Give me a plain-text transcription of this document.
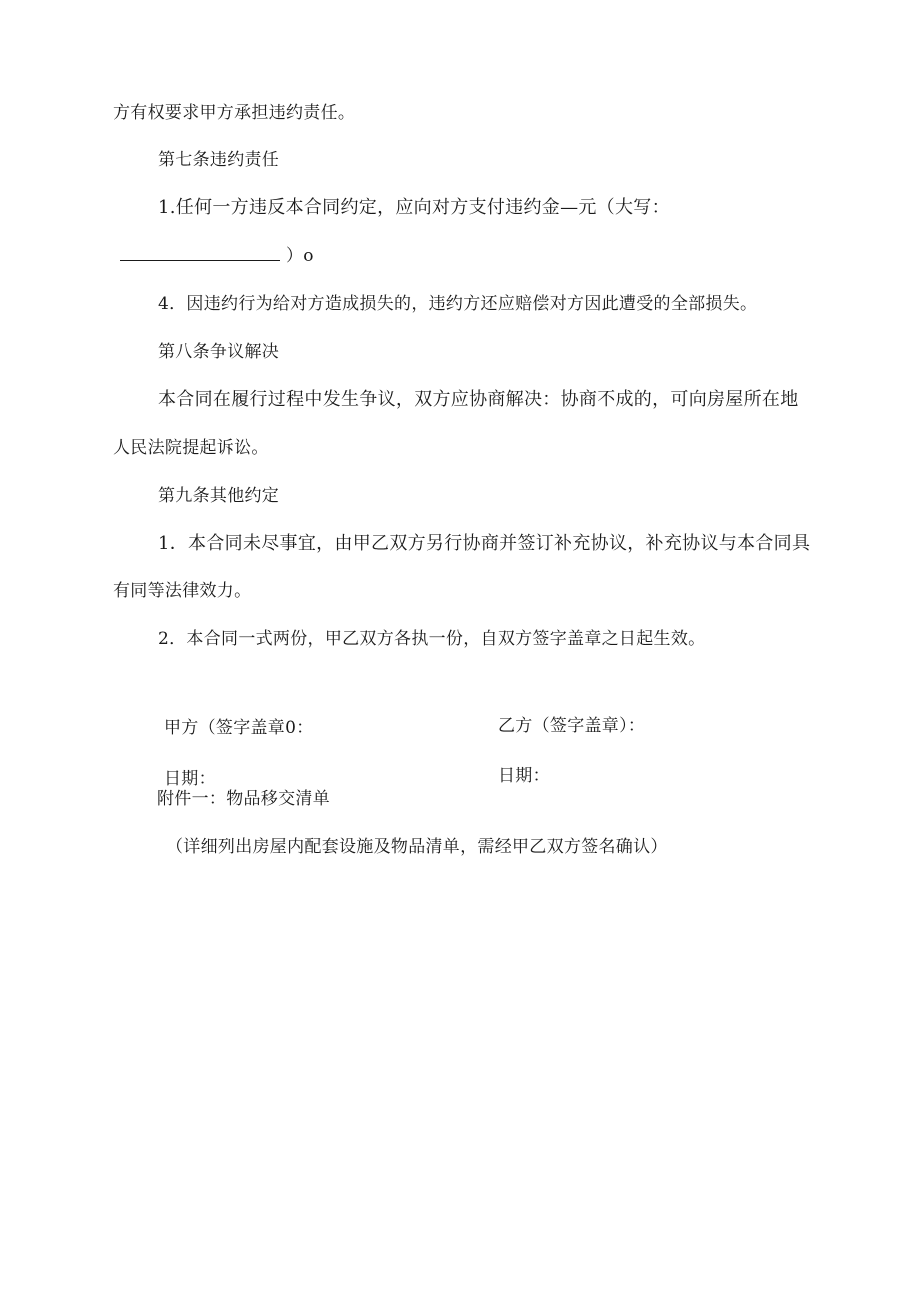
方有权要求甲方承担违约责任。
第七条违约责任
1.任何一方违反本合同约定，应向对方支付违约金—元（大写：
）o
4．因违约行为给对方造成损失的，违约方还应赔偿对方因此遭受的全部损失。
第八条争议解决
本合同在履行过程中发生争议，双方应协商解决：协商不成的，可向房屋所在地
人民法院提起诉讼。
第九条其他约定
1．本合同未尽事宜，由甲乙双方另行协商并签订补充协议，补充协议与本合同具
有同等法律效力。
2．本合同一式两份，甲乙双方各执一份，自双方签字盖章之日起生效。
甲方（签字盖章0：	乙方（签字盖章）：
日期：	日期：
附件一：物品移交清单
（详细列出房屋内配套设施及物品清单，需经甲乙双方签名确认）
